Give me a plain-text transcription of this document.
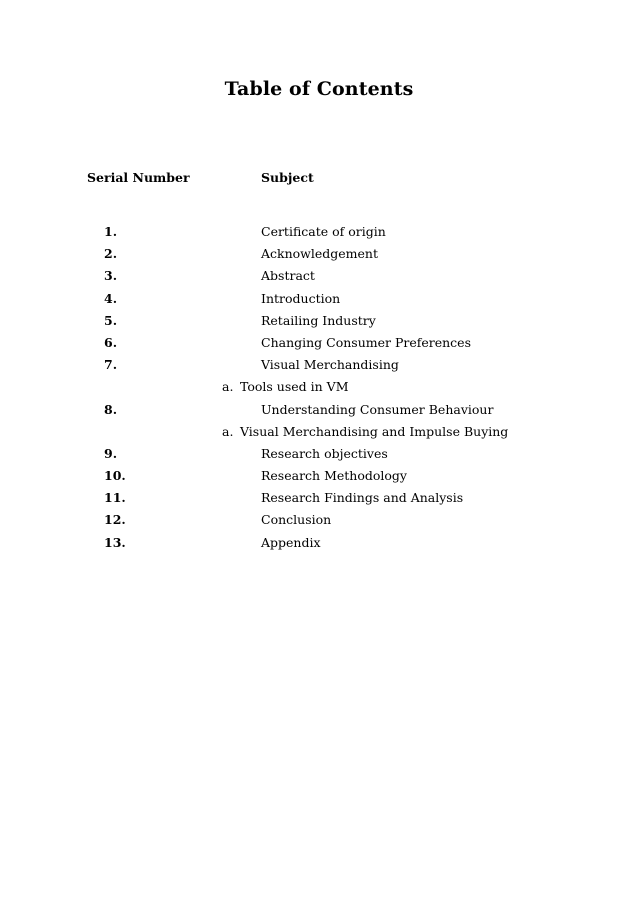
Table of Contents
Serial Number	Subject
1.	Certificate of origin
2.	Acknowledgement
3.	Abstract
4.	Introduction
5.	Retailing Industry
6.	Changing Consumer Preferences
7.	Visual Merchandising
a. Tools used in VM
8.	Understanding Consumer Behaviour
a. Visual Merchandising and Impulse Buying
9.	Research objectives
10.	Research Methodology
11.	Research Findings and Analysis
12.	Conclusion
13.	Appendix
